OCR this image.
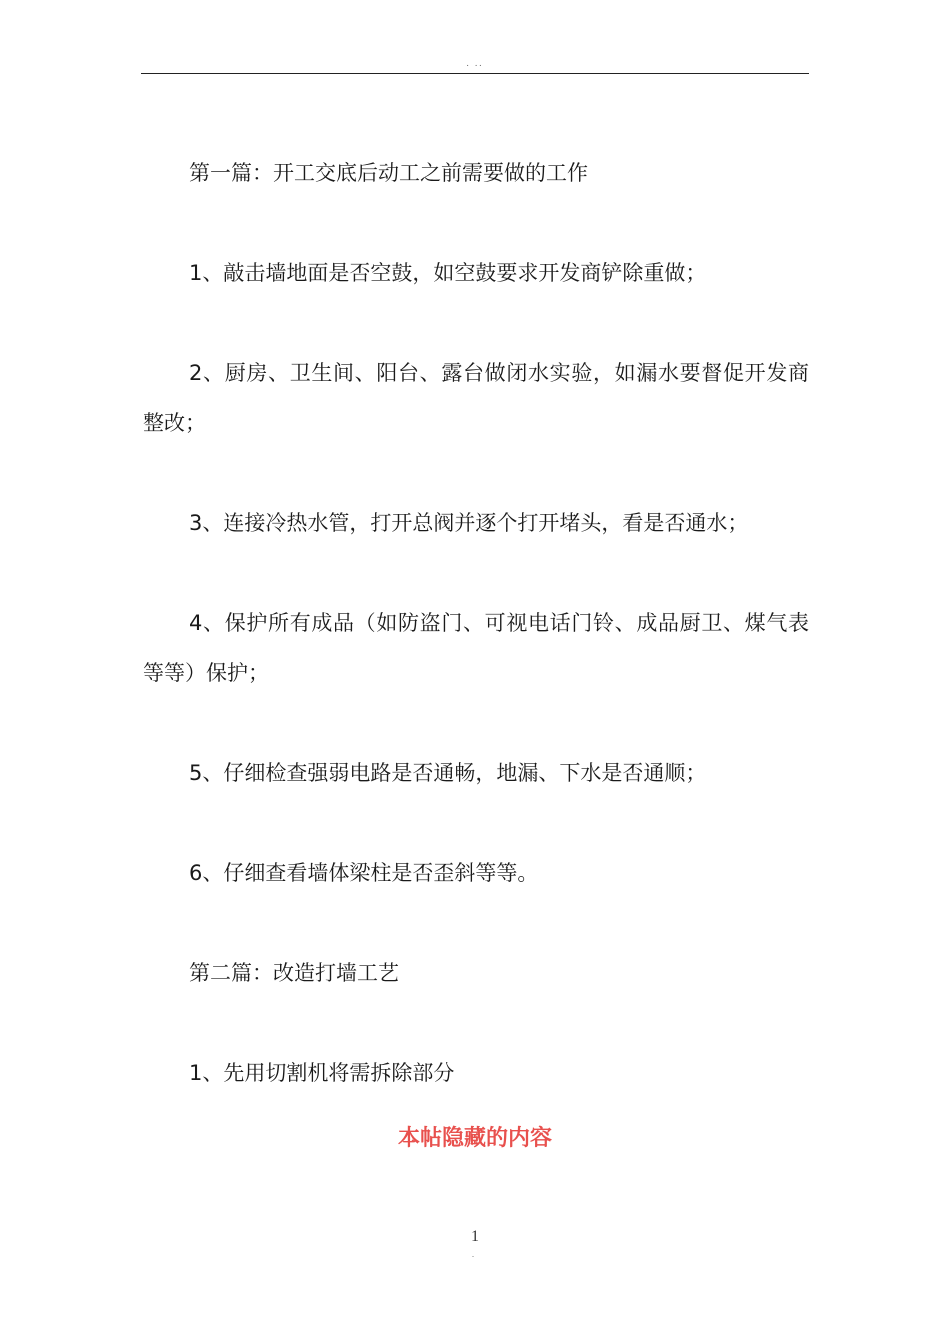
. ..

第一篇：开工交底后动工之前需要做的工作

1、敲击墙地面是否空鼓，如空鼓要求开发商铲除重做；

2、厨房、卫生间、阳台、露台做闭水实验，如漏水要督促开发商整改；

3、连接冷热水管，打开总阀并逐个打开堵头，看是否通水；

4、保护所有成品（如防盗门、可视电话门铃、成品厨卫、煤气表等等）保护；

5、仔细检查强弱电路是否通畅，地漏、下水是否通顺；

6、仔细查看墙体梁柱是否歪斜等等。

第二篇：改造打墙工艺

1、先用切割机将需拆除部分

本帖隐藏的内容
1
.
